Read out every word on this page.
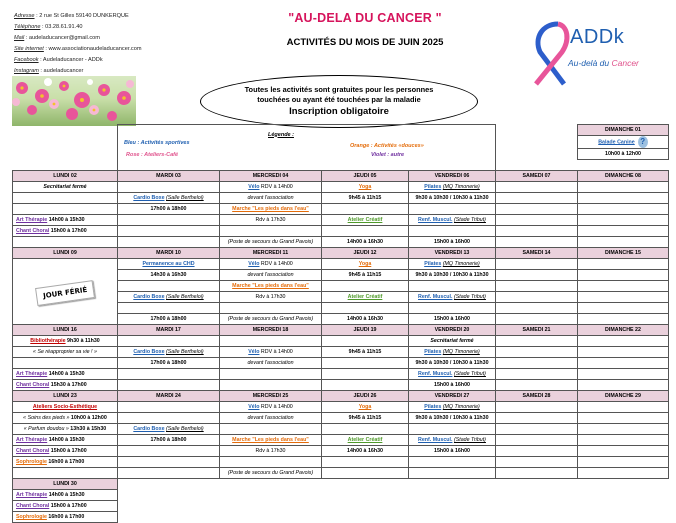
Adresse : 2 rue St Gilles 59140 DUNKERQUE
Téléphone : 03.28.61.91.40
Mail : audeladucancer@gmail.com
Site internet : www.associationaudeladucancer.com
Facebook : Audeladucancer - ADDk
Instagram : audeladucancer
"AU-DELA DU CANCER "
ACTIVITÉS DU MOIS DE JUIN 2025	ADDk
Au-delà du Cancer
Toutes les activités sont gratuites pour les personnes
touchées ou ayant été touchées par la maladie
Inscription obligatoire

	Légende :
Bleu : Activités sportives Orange : Activités «douces»
Rose : Ateliers-Café Violet : autre					DIMANCHE 01
						Balade Canine ?
						10h00 à 12h00

LUNDI 02	MARDI 03	MERCREDI 04	JEUDI 05	VENDREDI 06	SAMEDI 07	DIMANCHE 08
Secrétariat fermé		Vélo RDV à 14h00	Yoga	Pilates (MQ Timonerie)		
	Cardio Boxe (Salle Bertheloi)	devant l'association	9h45 à 11h15	9h30 à 10h30 / 10h30 à 11h30		
	17h00 à 18h00	Marche "Les pieds dans l'eau"				
Art Thérapie 14h00 à 15h30		Rdv à 17h30	Atelier Créatif	Renf. Muscul. (Stade Tribut)		
Chant Choral 15h00 à 17h00						
		(Poste de secours du Grand Pavois)	14h00 à 16h30	15h00 à 16h00		
LUNDI 09	MARDI 10	MERCREDI 11	JEUDI 12	VENDREDI 13	SAMEDI 14	DIMANCHE 15
JOUR FÉRIÉ	Permanence au CHD	Vélo RDV à 14h00	Yoga	Pilates (MQ Timonerie)		
	14h30 à 16h30	devant l'association	9h45 à 11h15	9h30 à 10h30 / 10h30 à 11h30		
		Marche "Les pieds dans l'eau"				
	Cardio Boxe (Salle Bertheloi)	Rdv à 17h30	Atelier Créatif	Renf. Muscul. (Stade Tribut)		

	17h00 à 18h00	(Poste de secours du Grand Pavois)	14h00 à 16h30	15h00 à 16h00		
LUNDI 16	MARDI 17	MERCREDI 18	JEUDI 19	VENDREDI 20	SAMEDI 21	DIMANCHE 22
Bibliothérapie 9h30 à 11h30				Secrétariat fermé		
« Se réapproprier sa vie ! »	Cardio Boxe (Salle Bertheloi)	Vélo RDV à 14h00	9h45 à 11h15	Pilates (MQ Timonerie)		
	17h00 à 18h00	devant l'association		9h30 à 10h30 / 10h30 à 11h30		
Art Thérapie 14h00 à 15h30				Renf. Muscul. (Stade Tribut)		
Chant Choral 15h30 à 17h00				15h00 à 16h00		
LUNDI 23	MARDI 24	MERCREDI 25	JEUDI 26	VENDREDI 27	SAMEDI 28	DIMANCHE 29
Ateliers Socio-Esthétique		Vélo RDV à 14h00	Yoga	Pilates (MQ Timonerie)		
« Soins des pieds » 10h00 à 12h00		devant l'association	9h45 à 11h15	9h30 à 10h30 / 10h30 à 11h30		
« Parfum doudou » 13h30 à 15h30	Cardio Boxe (Salle Bertheloi)					
Art Thérapie 14h00 à 15h30	17h00 à 18h00	Marche "Les pieds dans l'eau"	Atelier Créatif	Renf. Muscul. (Stade Tribut)		
Chant Choral 15h00 à 17h00		Rdv à 17h30	14h00 à 16h30	15h00 à 16h00		
Sophrologie 16h00 à 17h00						
		(Poste de secours du Grand Pavois)				
LUNDI 30						
Art Thérapie 14h00 à 15h30						
Chant Choral 15h00 à 17h00						
Sophrologie 16h00 à 17h00						
